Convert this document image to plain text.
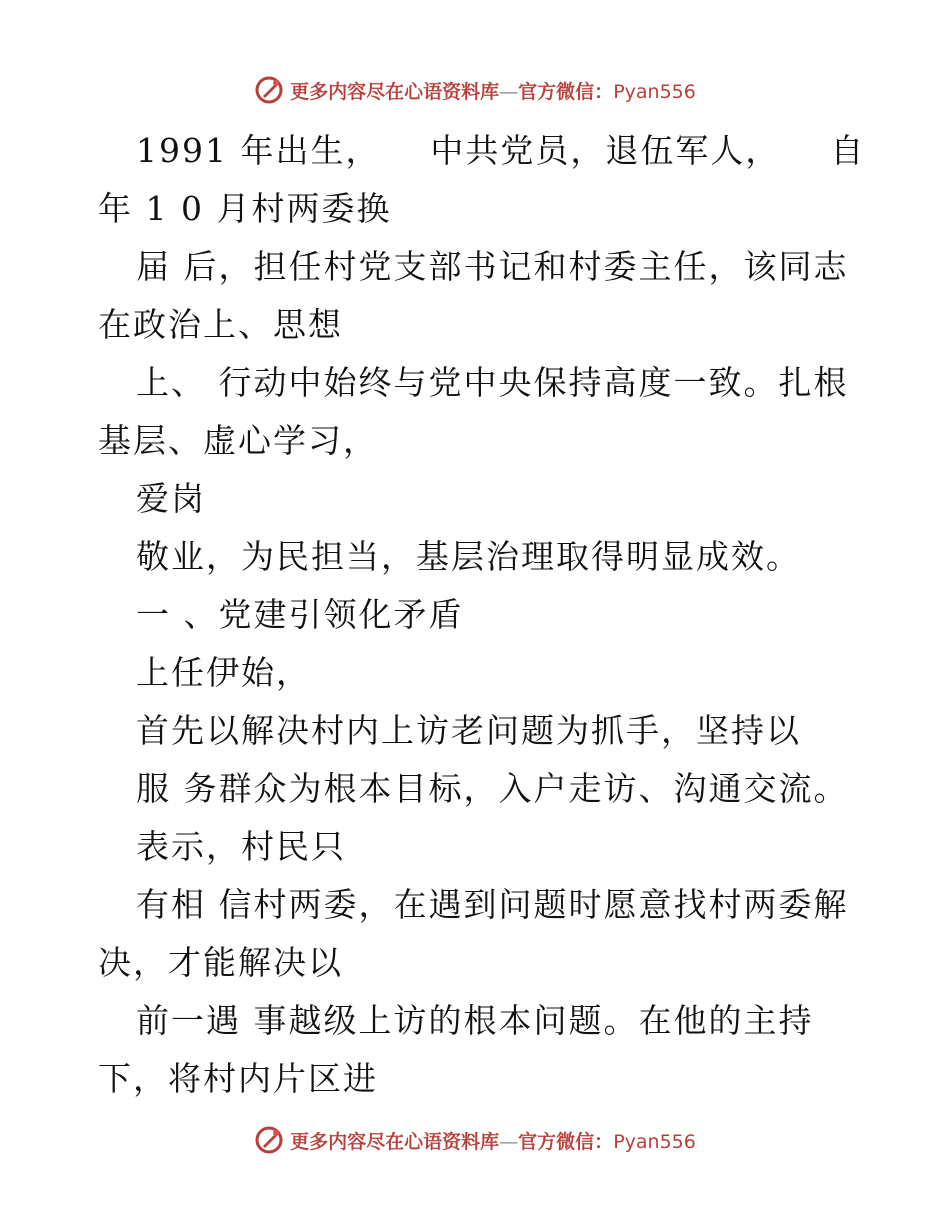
更多内容尽在心语资料库—官方微信：Pyan556
1991 年出生，    中共党员，退伍军人，    自
年 1 0 月村两委换
届 后，担任村党支部书记和村委主任，该同志
在政治上、思想
上、 行动中始终与党中央保持高度一致。扎根
基层、虚心学习，
爱岗
敬业，为民担当，基层治理取得明显成效。
一 、党建引领化矛盾
上任伊始，
首先以解决村内上访老问题为抓手，坚持以
服 务群众为根本目标，入户走访、沟通交流。
表示，村民只
有相 信村两委，在遇到问题时愿意找村两委解
决，才能解决以
前一遇 事越级上访的根本问题。在他的主持
下，将村内片区进
更多内容尽在心语资料库—官方微信：Pyan556
